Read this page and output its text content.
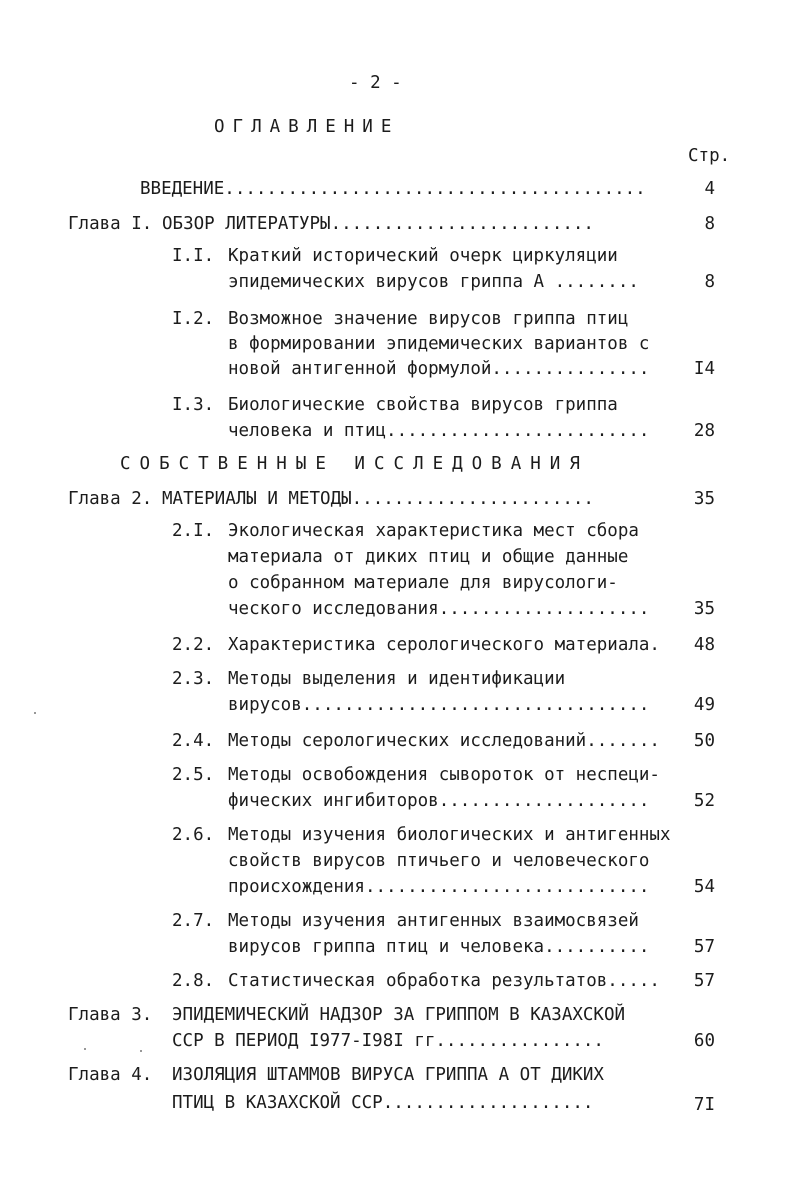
- 2 -
ОГЛАВЛЕНИЕ
Стр.
ВВЕДЕНИЕ........................................	4
Глава I. ОБЗОР ЛИТЕРАТУРЫ.........................	8
I.I. Краткий исторический очерк циркуляции
эпидемических вирусов гриппа А ........	8
I.2. Возможное значение вирусов гриппа птиц
в формировании эпидемических вариантов с
новой антигенной формулой...............	I4
I.3. Биологические свойства вирусов гриппа
человека и птиц.........................	28
СОБСТВЕННЫЕ ИССЛЕДОВАНИЯ
Глава 2. МАТЕРИАЛЫ И МЕТОДЫ.......................	35
2.I. Экологическая характеристика мест сбора
материала от диких птиц и общие данные
о собранном материале для вирусологи-
ческого исследования....................	35
2.2. Характеристика серологического материала.	48
2.3. Методы выделения и идентификации
вирусов.................................	49
2.4. Методы серологических исследований.......	50
2.5. Методы освобождения сывороток от неспеци-
фических ингибиторов....................	52
2.6. Методы изучения биологических и антигенных
свойств вирусов птичьего и человеческого
происхождения...........................	54
2.7. Методы изучения антигенных взаимосвязей
вирусов гриппа птиц и человека..........	57
2.8. Статистическая обработка результатов.....	57
Глава 3. ЭПИДЕМИЧЕСКИЙ НАДЗОР ЗА ГРИППОМ В КАЗАХСКОЙ
ССР В ПЕРИОД I977-I98I гг................	60
Глава 4. ИЗОЛЯЦИЯ ШТАММОВ ВИРУСА ГРИППА А ОТ ДИКИХ
ПТИЦ В КАЗАХСКОЙ ССР....................	7I
